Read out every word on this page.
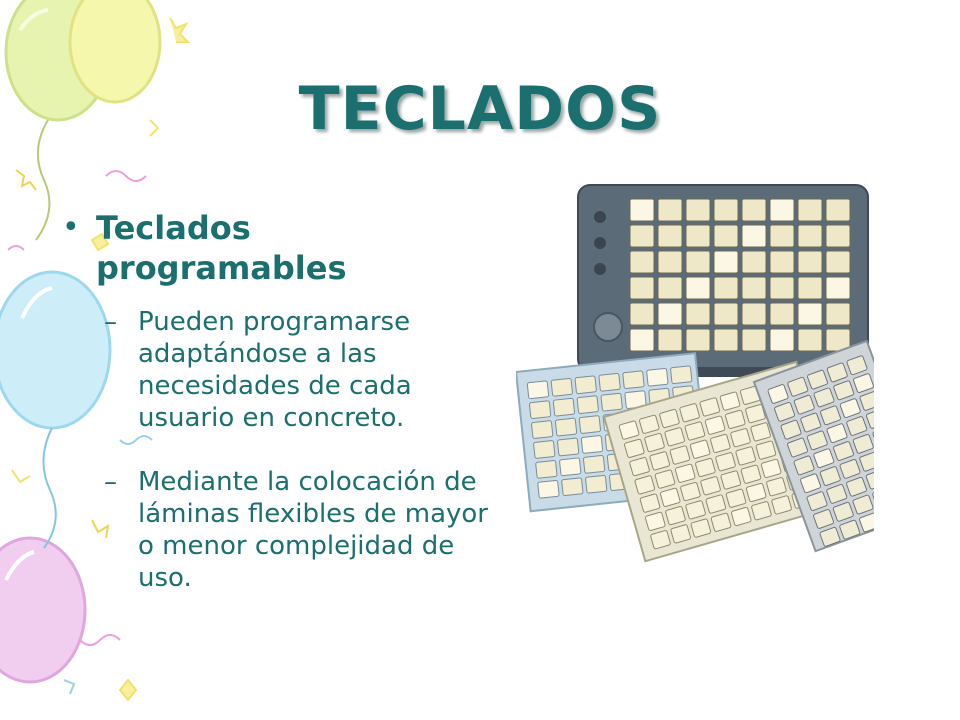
TECLADOS
• Teclados programables
– Pueden programarse adaptándose a las necesidades de cada usuario en concreto.
– Mediante la colocación de láminas flexibles de mayor o menor complejidad de uso.
